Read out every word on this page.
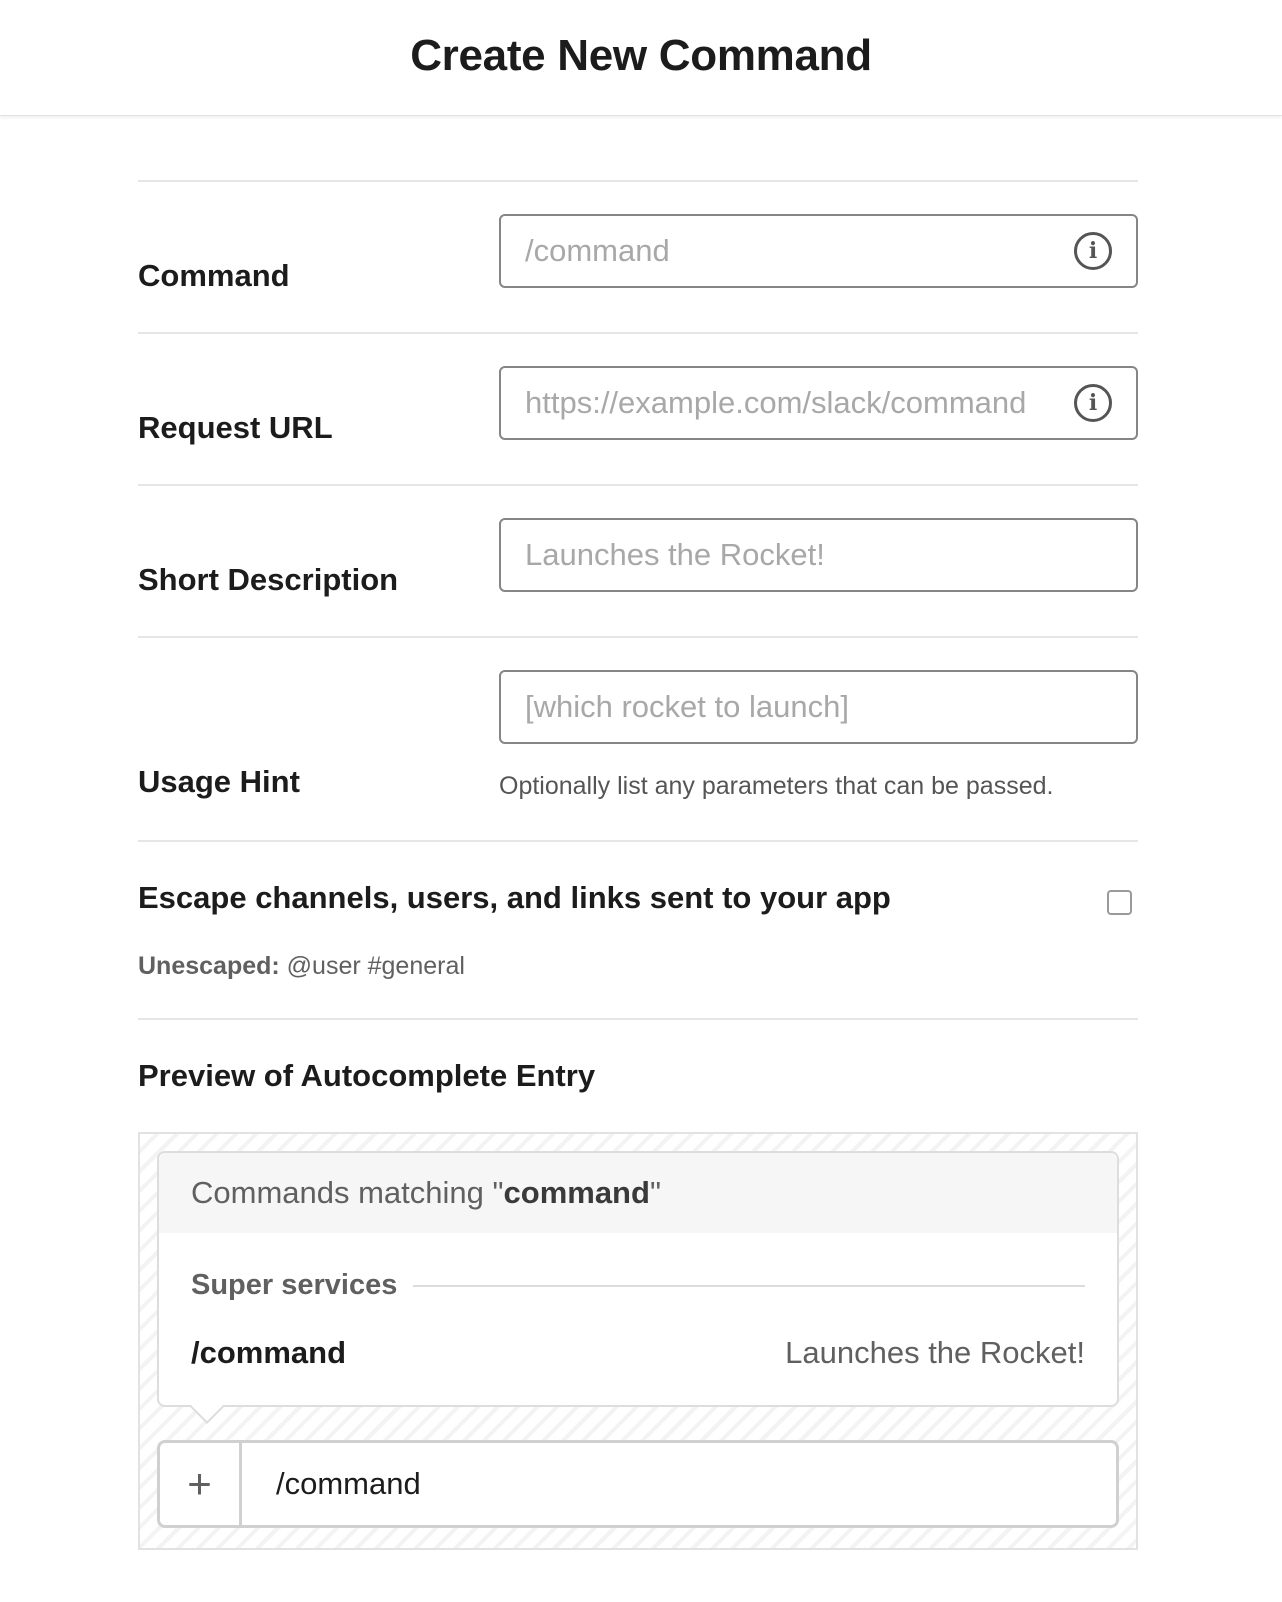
Create New Command
Command
/command	i
Request URL
https://example.com/slack/command	i
Short Description
Launches the Rocket!
Usage Hint
[which rocket to launch]
Optionally list any parameters that can be passed.
Escape channels, users, and links sent to your app
Unescaped: @user #general
Preview of Autocomplete Entry
Commands matching " command "
Super services
/command	Launches the Rocket!
+	/command
